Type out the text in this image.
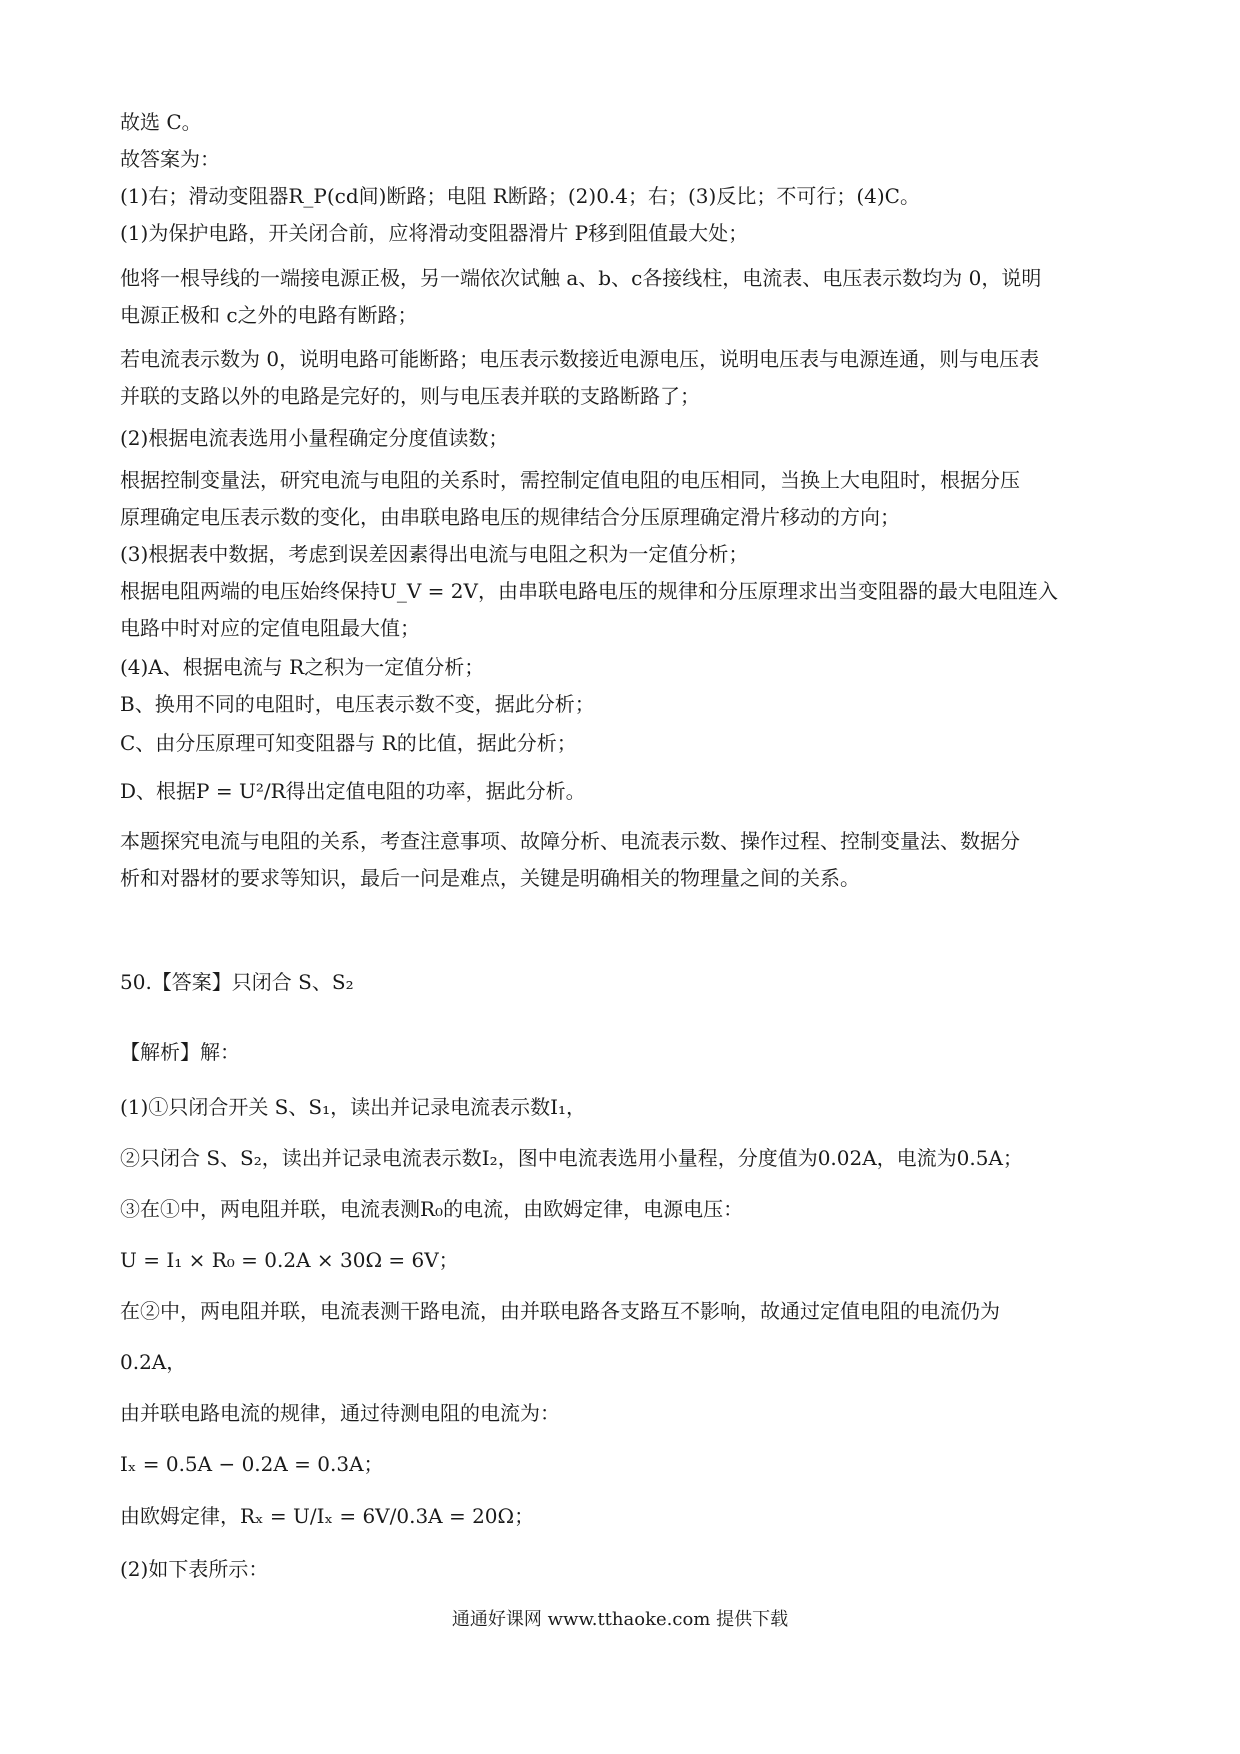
故选 C。
故答案为：
(1)右；滑动变阻器R_P(cd间)断路；电阻 R断路；(2)0.4；右；(3)反比；不可行；(4)C。
(1)为保护电路，开关闭合前，应将滑动变阻器滑片 P移到阻值最大处；
他将一根导线的一端接电源正极，另一端依次试触 a、b、c各接线柱，电流表、电压表示数均为 0，说明
电源正极和 c之外的电路有断路；
若电流表示数为 0，说明电路可能断路；电压表示数接近电源电压，说明电压表与电源连通，则与电压表
并联的支路以外的电路是完好的，则与电压表并联的支路断路了；
(2)根据电流表选用小量程确定分度值读数；
根据控制变量法，研究电流与电阻的关系时，需控制定值电阻的电压相同，当换上大电阻时，根据分压
原理确定电压表示数的变化，由串联电路电压的规律结合分压原理确定滑片移动的方向；
(3)根据表中数据，考虑到误差因素得出电流与电阻之积为一定值分析；
根据电阻两端的电压始终保持U_V = 2V，由串联电路电压的规律和分压原理求出当变阻器的最大电阻连入
电路中时对应的定值电阻最大值；
(4)A、根据电流与 R之积为一定值分析；
B、换用不同的电阻时，电压表示数不变，据此分析；
C、由分压原理可知变阻器与 R的比值，据此分析；
D、根据P = U²/R得出定值电阻的功率，据此分析。
本题探究电流与电阻的关系，考查注意事项、故障分析、电流表示数、操作过程、控制变量法、数据分
析和对器材的要求等知识，最后一问是难点，关键是明确相关的物理量之间的关系。
50.【答案】只闭合 S、S₂
【解析】解：
(1)①只闭合开关 S、S₁，读出并记录电流表示数I₁，
②只闭合 S、S₂，读出并记录电流表示数I₂，图中电流表选用小量程，分度值为0.02A，电流为0.5A；
③在①中，两电阻并联，电流表测R₀的电流，由欧姆定律，电源电压：
U = I₁ × R₀ = 0.2A × 30Ω = 6V；
在②中，两电阻并联，电流表测干路电流，由并联电路各支路互不影响，故通过定值电阻的电流仍为
0.2A，
由并联电路电流的规律，通过待测电阻的电流为：
Iₓ = 0.5A − 0.2A = 0.3A；
由欧姆定律，Rₓ = U/Iₓ = 6V/0.3A = 20Ω；
(2)如下表所示：
通通好课网 www.tthaoke.com 提供下载
